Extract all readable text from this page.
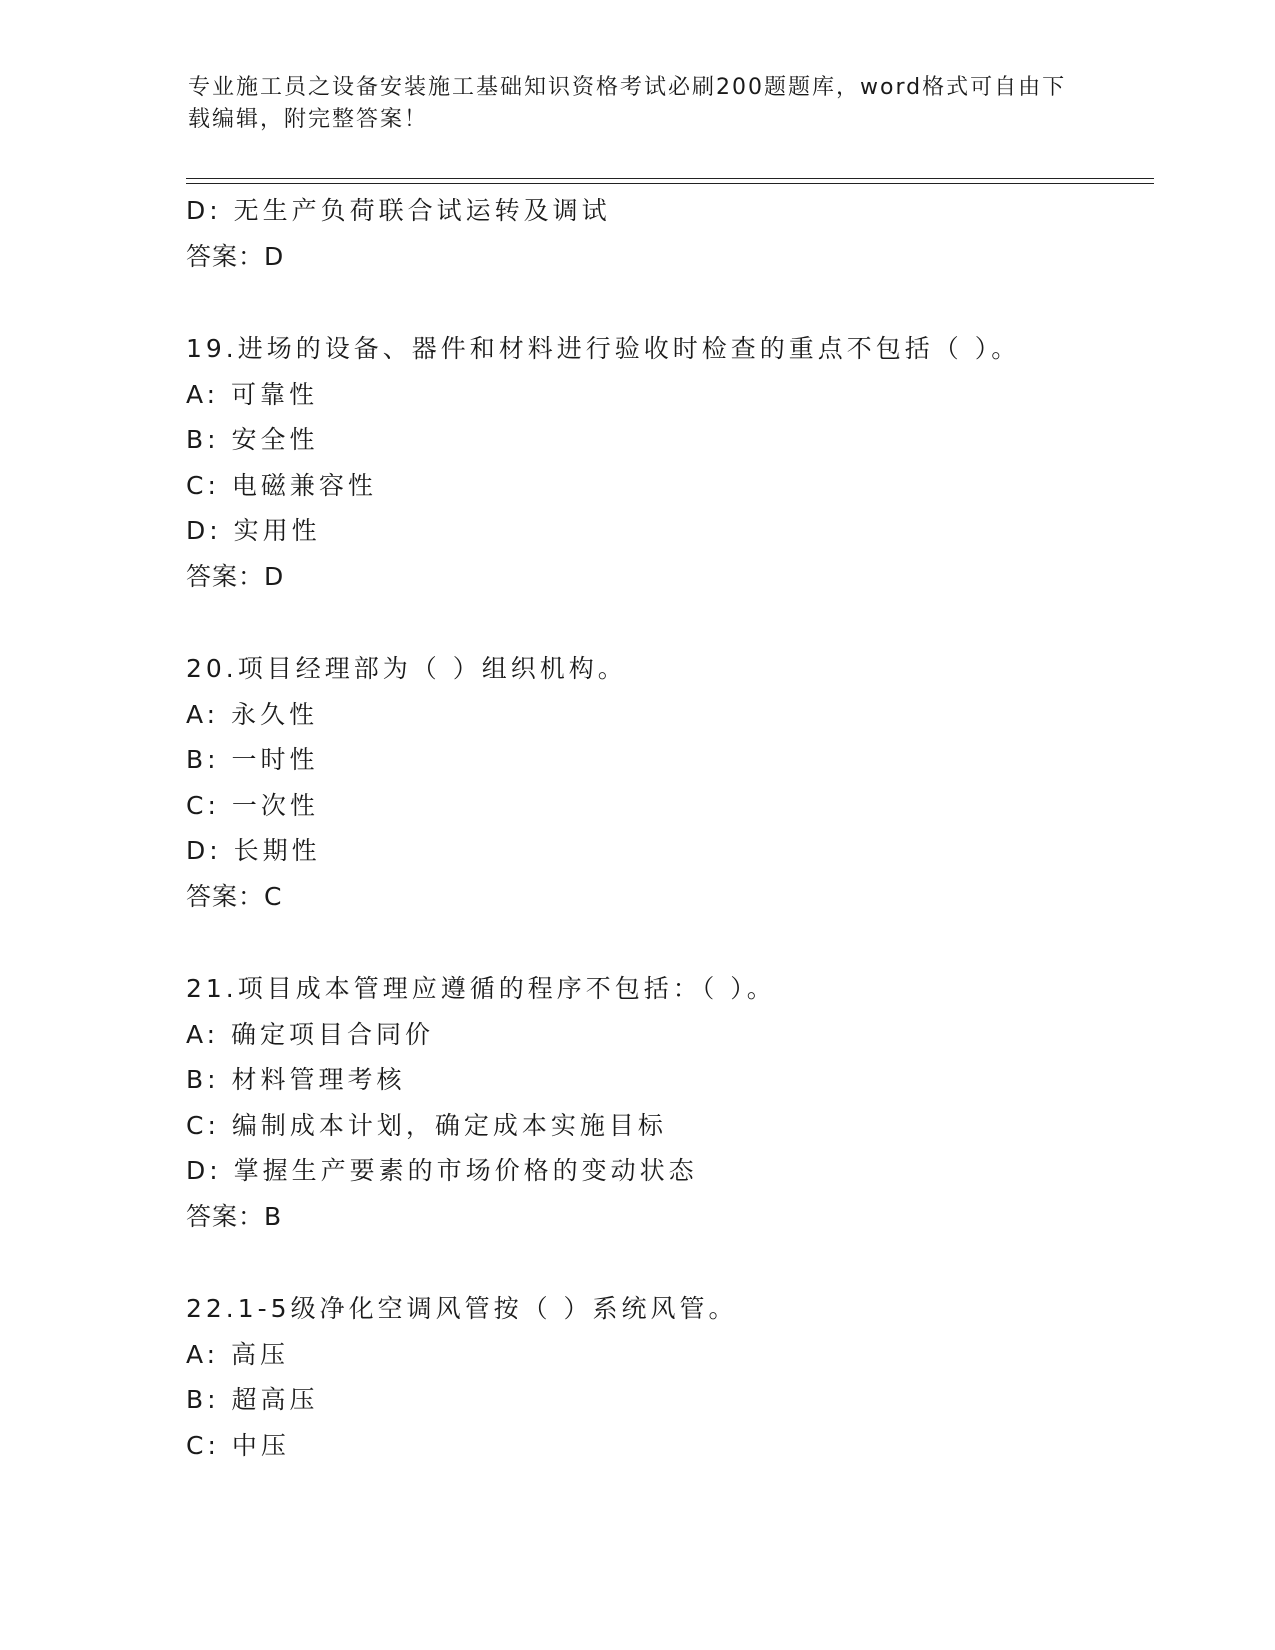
专业施工员之设备安装施工基础知识资格考试必刷200题题库，word格式可自由下载编辑，附完整答案！
D: 无生产负荷联合试运转及调试
答案：D
19.进场的设备、器件和材料进行验收时检查的重点不包括（ ）。
A: 可靠性
B: 安全性
C: 电磁兼容性
D: 实用性
答案：D
20.项目经理部为（ ）组织机构。
A: 永久性
B: 一时性
C: 一次性
D: 长期性
答案：C
21.项目成本管理应遵循的程序不包括：（ ）。
A: 确定项目合同价
B: 材料管理考核
C: 编制成本计划，确定成本实施目标
D: 掌握生产要素的市场价格的变动状态
答案：B
22.1-5级净化空调风管按（ ）系统风管。
A: 高压
B: 超高压
C: 中压
